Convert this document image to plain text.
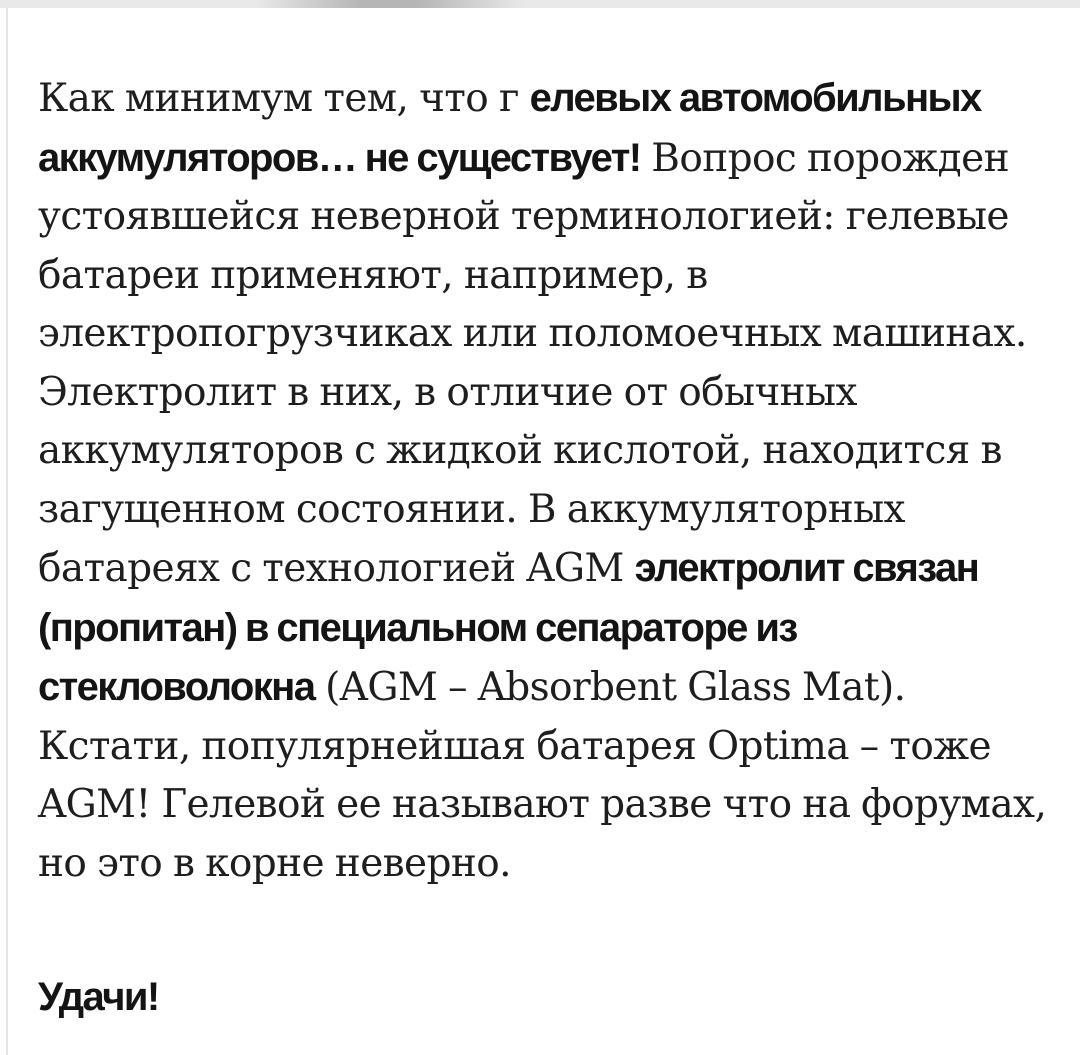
Как минимум тем, что г елевых автомобильных аккумуляторов… не существует! Вопрос порожден устоявшейся неверной терминологией: гелевые батареи применяют, например, в электропогрузчиках или поломоечных машинах. Электролит в них, в отличие от обычных аккумуляторов с жидкой кислотой, находится в загущенном состоянии. В аккумуляторных батареях с технологией AGM электролит связан (пропитан) в специальном сепараторе из стекловолокна (AGM – Absorbent Glass Mat). Кстати, популярнейшая батарея Optima – тоже AGM! Гелевой ее называют разве что на форумах, но это в корне неверно.

Удачи!
